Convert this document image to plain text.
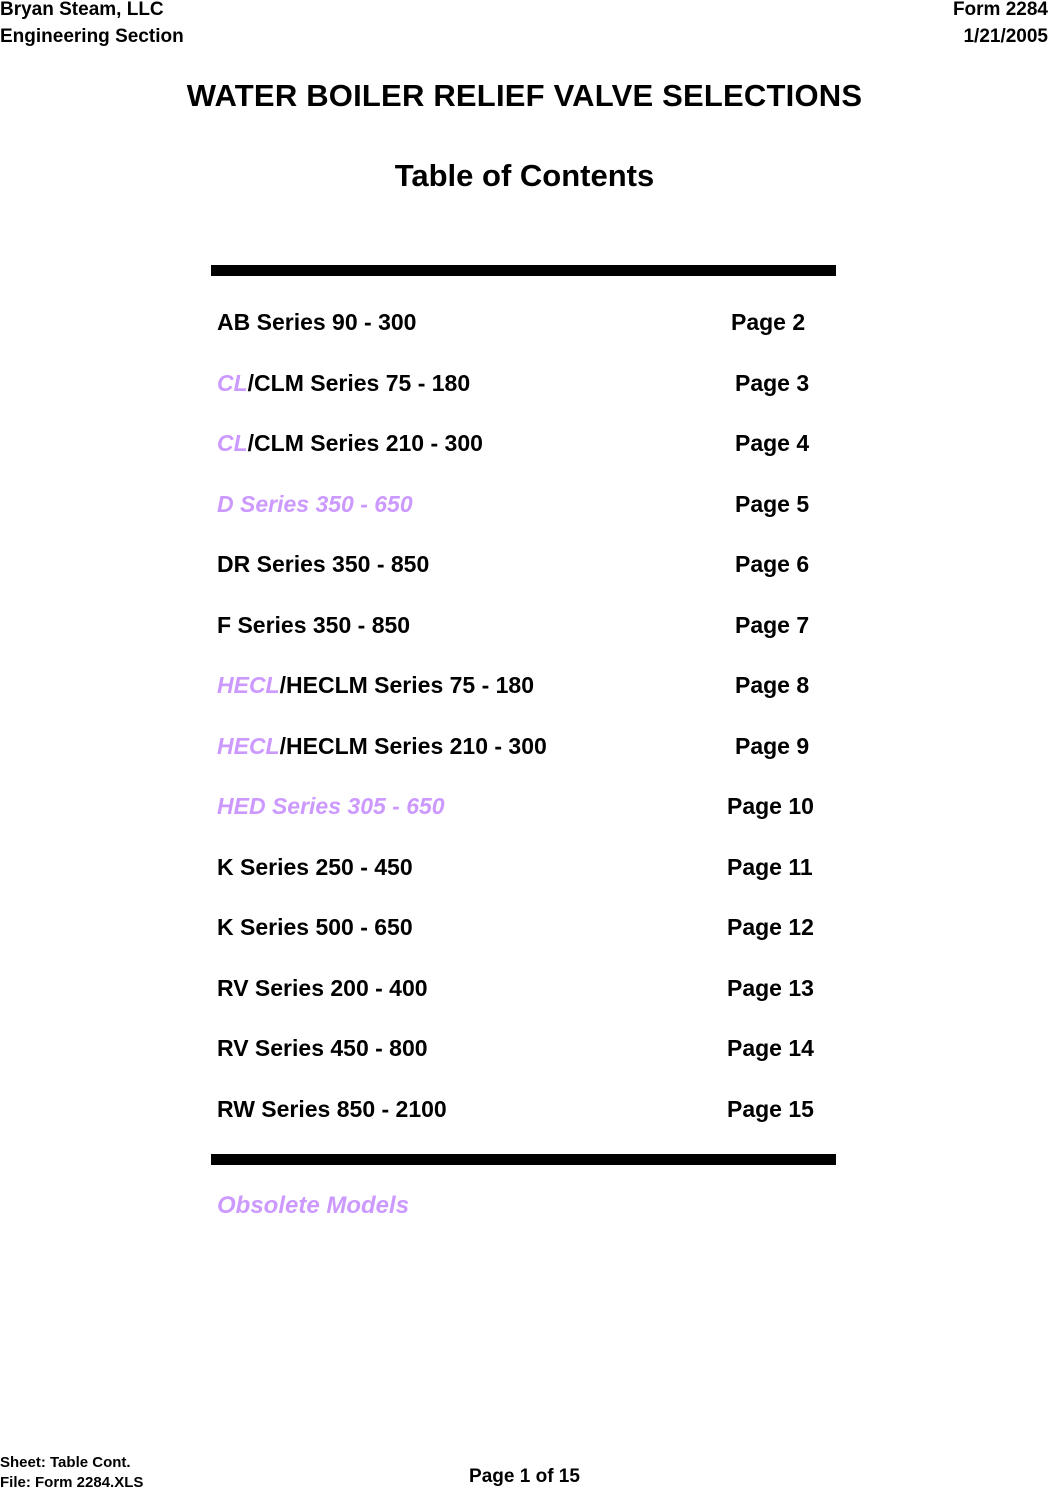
Bryan Steam, LLC
Engineering Section
Form 2284
1/21/2005
WATER BOILER RELIEF VALVE SELECTIONS
Table of Contents
AB Series 90 - 300	Page 2
CL/CLM Series 75 - 180	Page 3
CL/CLM Series 210 - 300	Page 4
D Series 350 - 650	Page 5
DR Series 350 - 850	Page 6
F Series 350 - 850	Page 7
HECL/HECLM Series 75 - 180	Page 8
HECL/HECLM Series 210 - 300	Page 9
HED Series 305 - 650	Page 10
K Series 250 - 450	Page 11
K Series 500 - 650	Page 12
RV Series 200 - 400	Page 13
RV Series 450 - 800	Page 14
RW Series 850 - 2100	Page 15
Obsolete Models
Sheet: Table Cont.
File: Form 2284.XLS	Page 1 of 15
